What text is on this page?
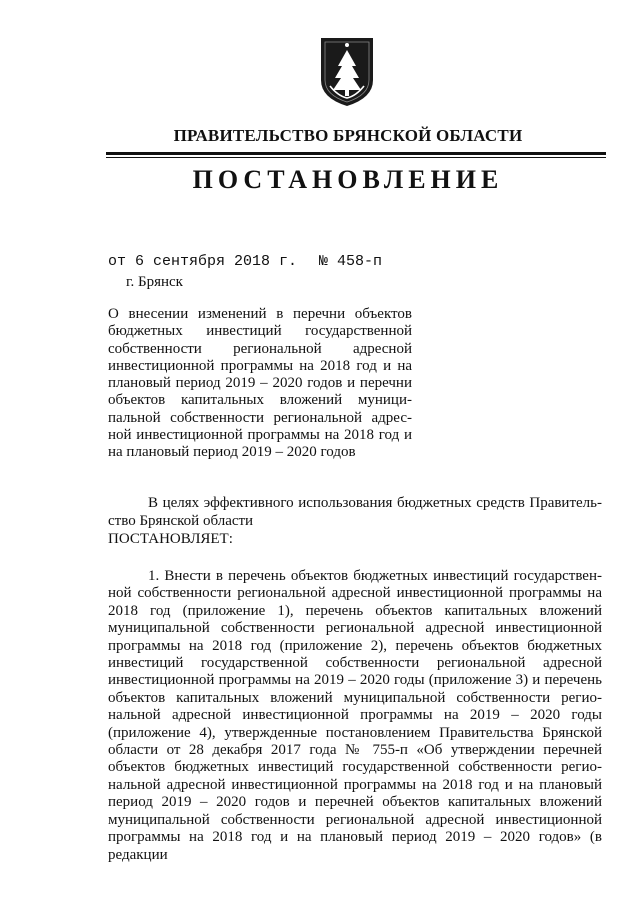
ПРАВИТЕЛЬСТВО БРЯНСКОЙ ОБЛАСТИ
ПОСТАНОВЛЕНИЕ
от 6 сентября 2018 г. № 458-п
г. Брянск
О внесении изменений в перечни объектов бюджетных инвестиций государственной собственности региональной адресной инвестиционной программы на 2018 год и на плановый период 2019 – 2020 годов и перечни объектов капитальных вложений муниципальной собственности региональной адресной инвестиционной программы на 2018 год и на плановый период 2019 – 2020 годов
В целях эффективного использования бюджетных средств Правительство Брянской области
ПОСТАНОВЛЯЕТ:
1. Внести в перечень объектов бюджетных инвестиций государственной собственности региональной адресной инвестиционной программы на 2018 год (приложение 1), перечень объектов капитальных вложений муниципальной собственности региональной адресной инвестиционной программы на 2018 год (приложение 2), перечень объектов бюджетных инвестиций государственной собственности региональной адресной инвестиционной программы на 2019 – 2020 годы (приложение 3) и перечень объектов капитальных вложений муниципальной собственности региональной адресной инвестиционной программы на 2019 – 2020 годы (приложение 4), утвержденные постановлением Правительства Брянской области от 28 декабря 2017 года № 755-п «Об утверждении перечней объектов бюджетных инвестиций государственной собственности региональной адресной инвестиционной программы на 2018 год и на плановый период 2019 – 2020 годов и перечней объектов капитальных вложений муниципальной собственности региональной адресной инвестиционной программы на 2018 год и на плановый период 2019 – 2020 годов» (в редакции
